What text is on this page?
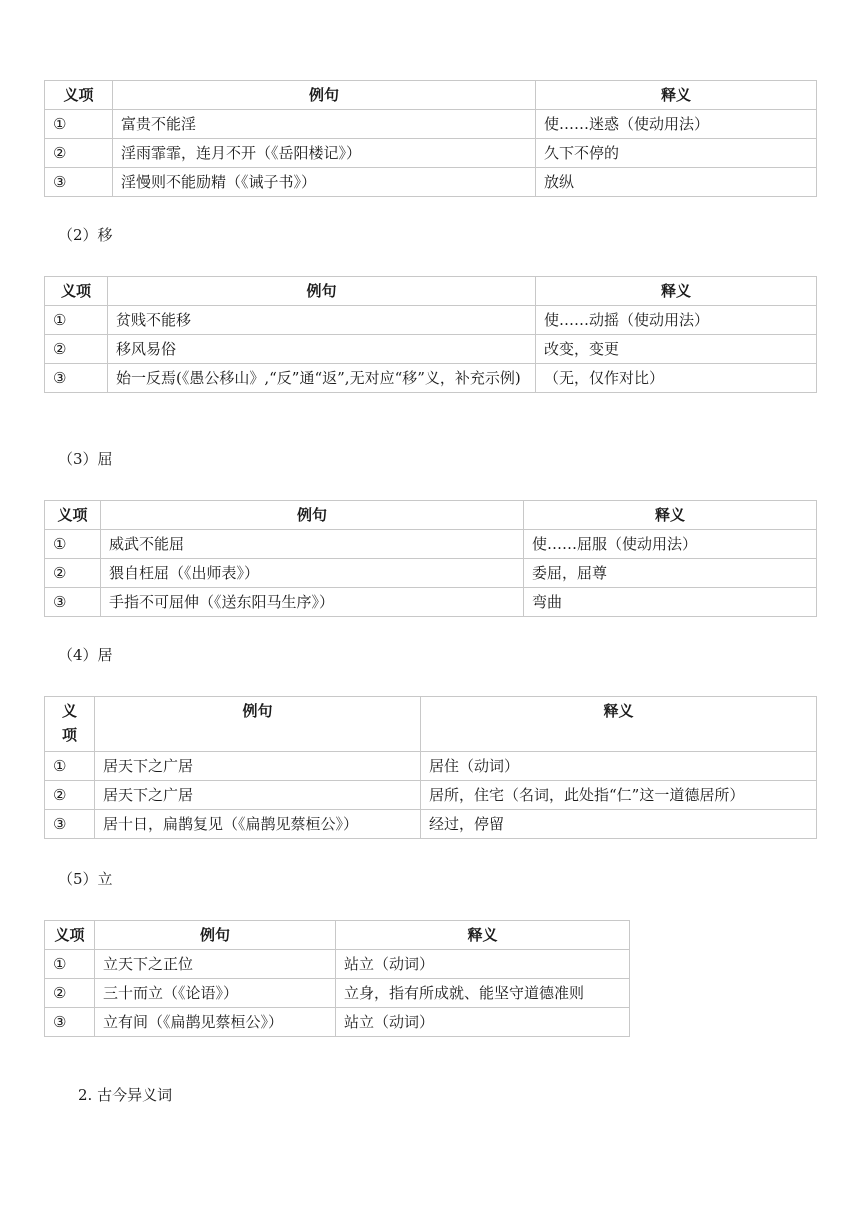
义项	例句	释义
①	富贵不能淫	使……迷惑（使动用法）
②	淫雨霏霏，连月不开（《岳阳楼记》）	久下不停的
③	淫慢则不能励精（《诫子书》）	放纵
（2）移
义项	例句	释义
①	贫贱不能移	使……动摇（使动用法）
②	移风易俗	改变，变更
③	始一反焉(《愚公移山》,“反”通“返”,无对应“移”义，补充示例)	（无，仅作对比）
（3）屈
义项	例句	释义
①	威武不能屈	使……屈服（使动用法）
②	猥自枉屈（《出师表》）	委屈，屈尊
③	手指不可屈伸（《送东阳马生序》）	弯曲
（4）居
义项	例句	释义
①	居天下之广居	居住（动词）
②	居天下之广居	居所，住宅（名词，此处指“仁”这一道德居所）
③	居十日，扁鹊复见（《扁鹊见蔡桓公》）	经过，停留
（5）立
义项	例句	释义
①	立天下之正位	站立（动词）
②	三十而立（《论语》）	立身，指有所成就、能坚守道德准则
③	立有间（《扁鹊见蔡桓公》）	站立（动词）
2. 古今异义词
